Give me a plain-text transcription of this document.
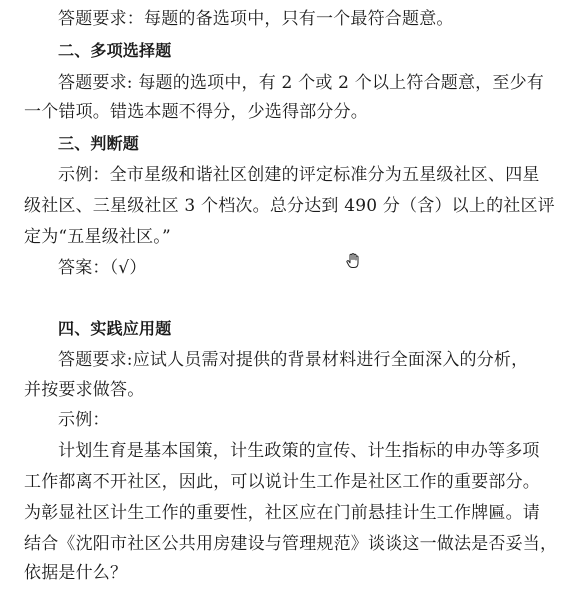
答题要求：每题的备选项中，只有一个最符合题意。
二、多项选择题
答题要求: 每题的选项中，有 2 个或 2 个以上符合题意，至少有
一个错项。错选本题不得分，少选得部分分。
三、判断题
示例：全市星级和谐社区创建的评定标准分为五星级社区、四星
级社区、三星级社区 3 个档次。总分达到 490 分（含）以上的社区评
定为“五星级社区。”
答案：（√）
四、实践应用题
答题要求:应试人员需对提供的背景材料进行全面深入的分析，
并按要求做答。
示例：
计划生育是基本国策，计生政策的宣传、计生指标的申办等多项
工作都离不开社区，因此，可以说计生工作是社区工作的重要部分。
为彰显社区计生工作的重要性，社区应在门前悬挂计生工作牌匾。请
结合《沈阳市社区公共用房建设与管理规范》谈谈这一做法是否妥当，
依据是什么？
